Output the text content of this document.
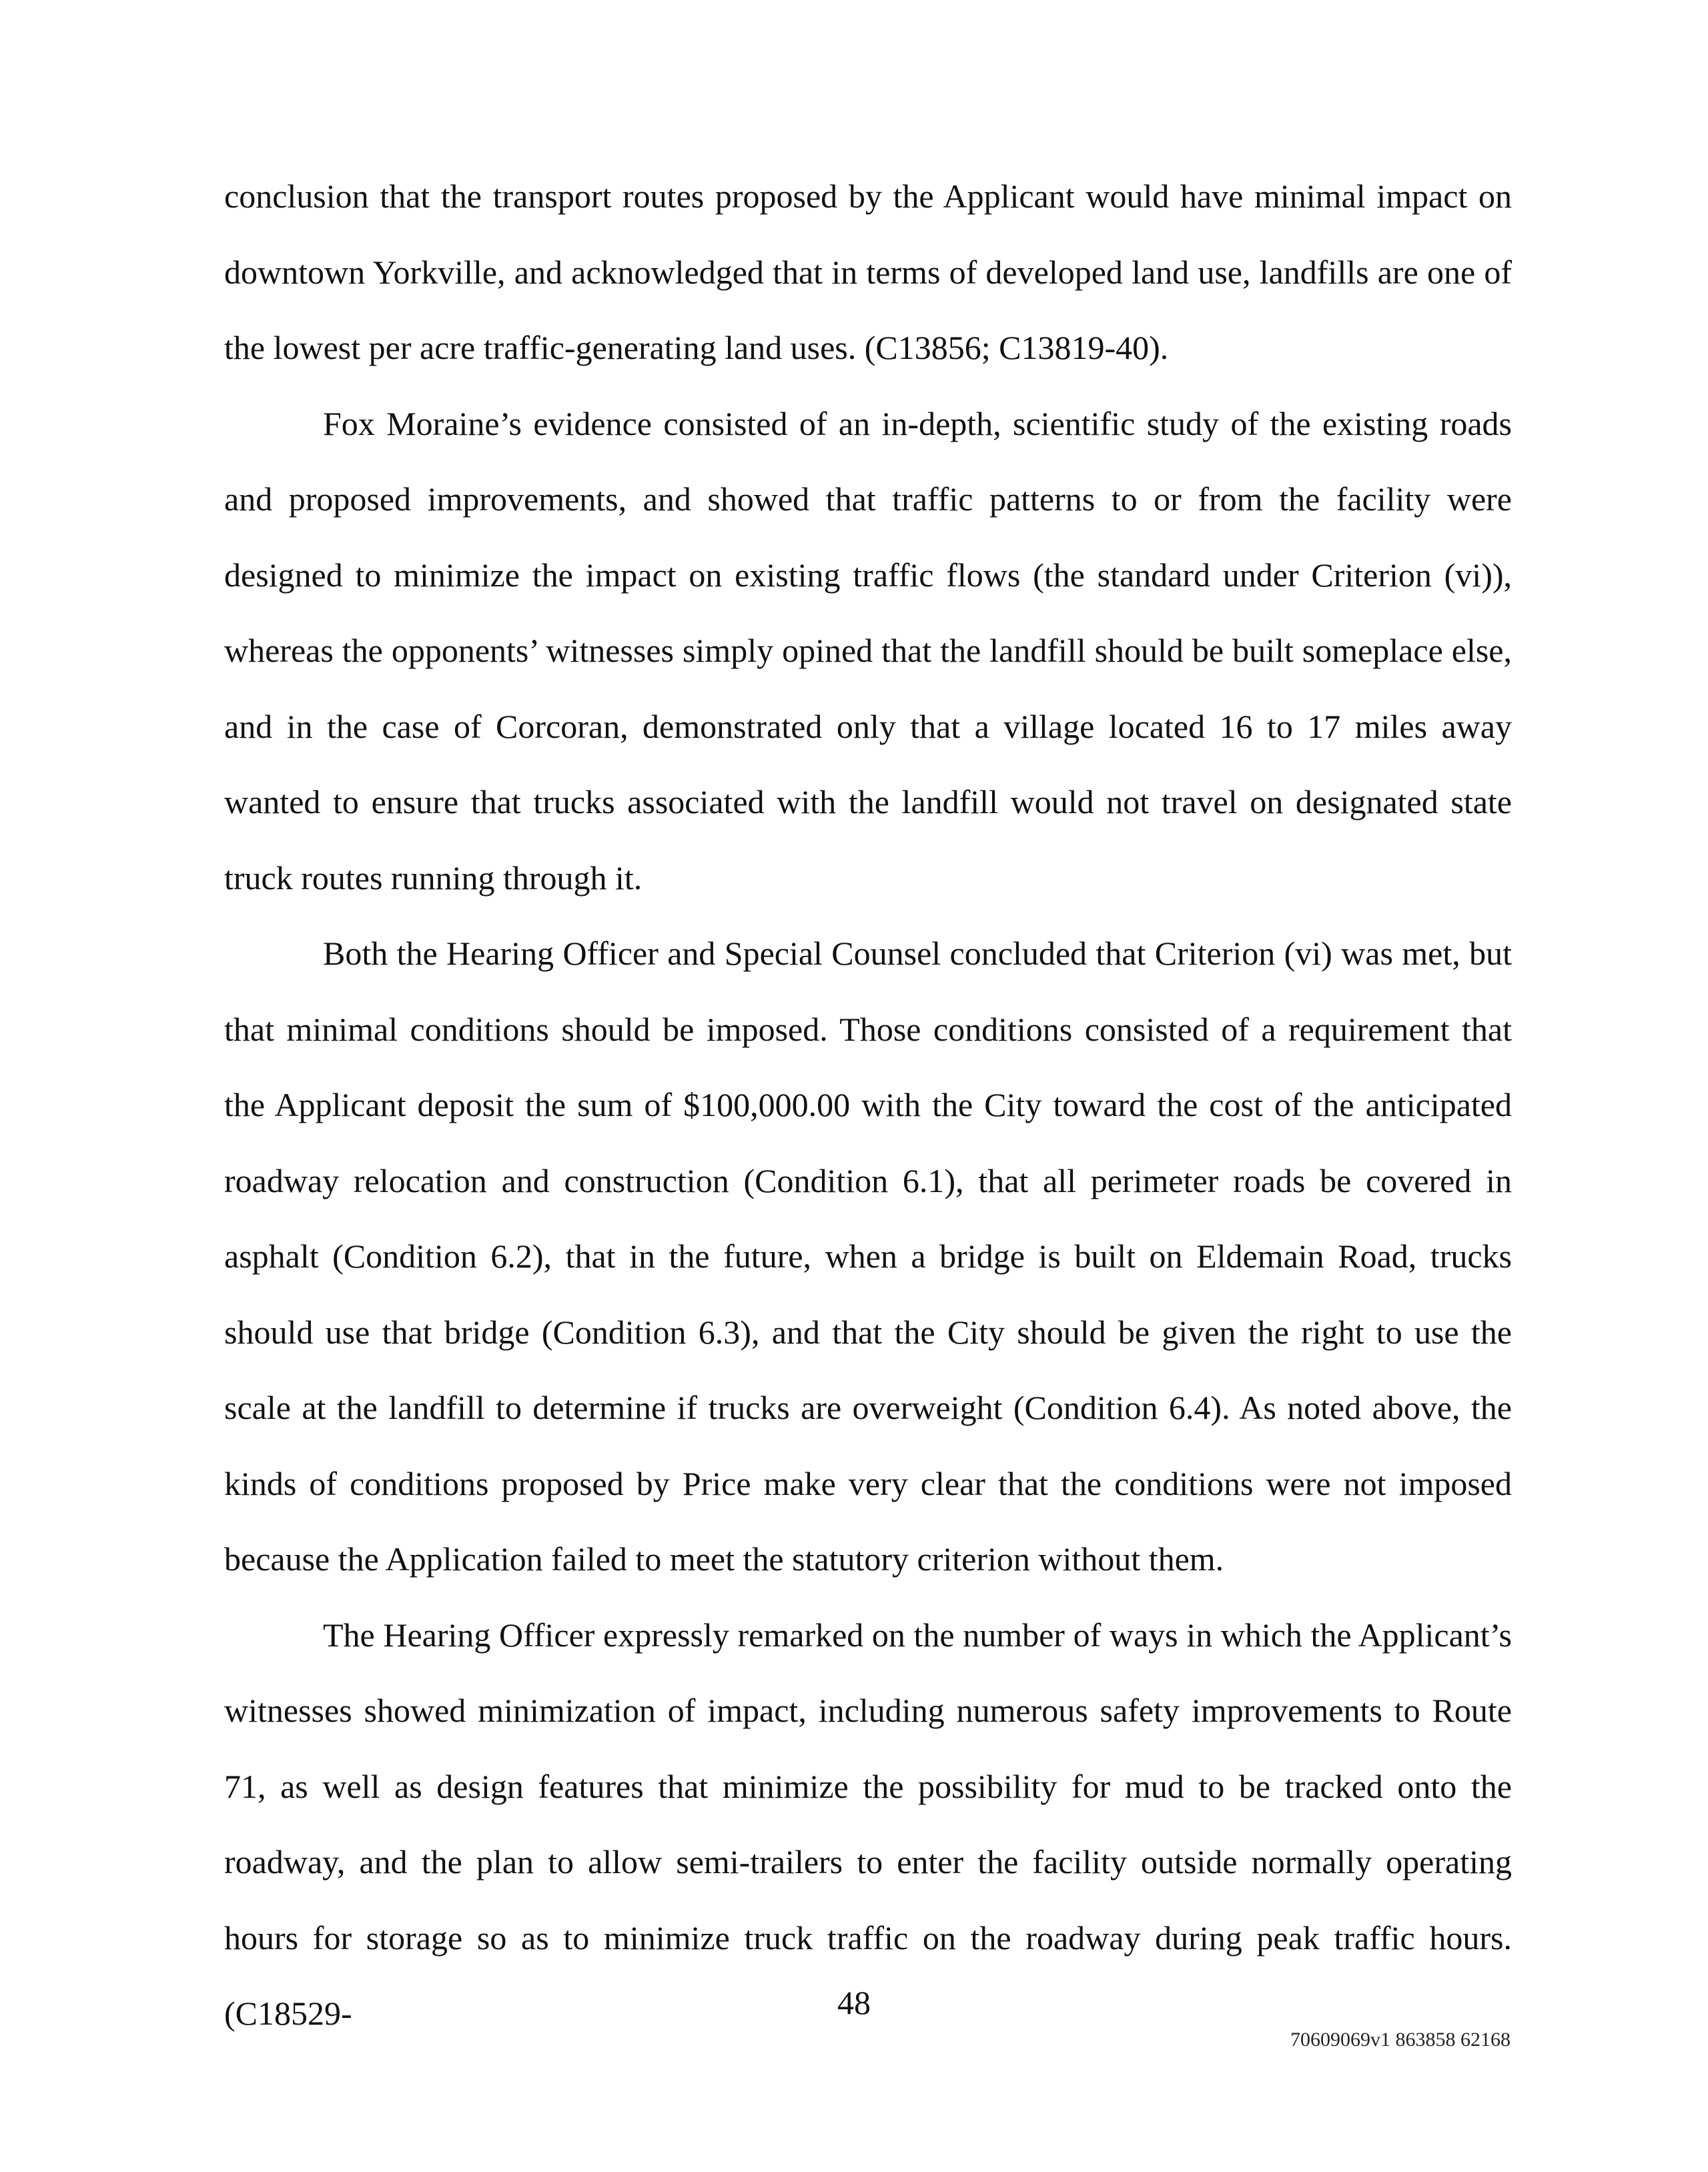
conclusion that the transport routes proposed by the Applicant would have minimal impact on downtown Yorkville, and acknowledged that in terms of developed land use, landfills are one of the lowest per acre traffic-generating land uses. (C13856; C13819-40).

Fox Moraine’s evidence consisted of an in-depth, scientific study of the existing roads and proposed improvements, and showed that traffic patterns to or from the facility were designed to minimize the impact on existing traffic flows (the standard under Criterion (vi)), whereas the opponents’ witnesses simply opined that the landfill should be built someplace else, and in the case of Corcoran, demonstrated only that a village located 16 to 17 miles away wanted to ensure that trucks associated with the landfill would not travel on designated state truck routes running through it.

Both the Hearing Officer and Special Counsel concluded that Criterion (vi) was met, but that minimal conditions should be imposed. Those conditions consisted of a requirement that the Applicant deposit the sum of $100,000.00 with the City toward the cost of the anticipated roadway relocation and construction (Condition 6.1), that all perimeter roads be covered in asphalt (Condition 6.2), that in the future, when a bridge is built on Eldemain Road, trucks should use that bridge (Condition 6.3), and that the City should be given the right to use the scale at the landfill to determine if trucks are overweight (Condition 6.4). As noted above, the kinds of conditions proposed by Price make very clear that the conditions were not imposed because the Application failed to meet the statutory criterion without them.

The Hearing Officer expressly remarked on the number of ways in which the Applicant’s witnesses showed minimization of impact, including numerous safety improvements to Route 71, as well as design features that minimize the possibility for mud to be tracked onto the roadway, and the plan to allow semi-trailers to enter the facility outside normally operating hours for storage so as to minimize truck traffic on the roadway during peak traffic hours. (C18529-	48
70609069v1 863858 62168
